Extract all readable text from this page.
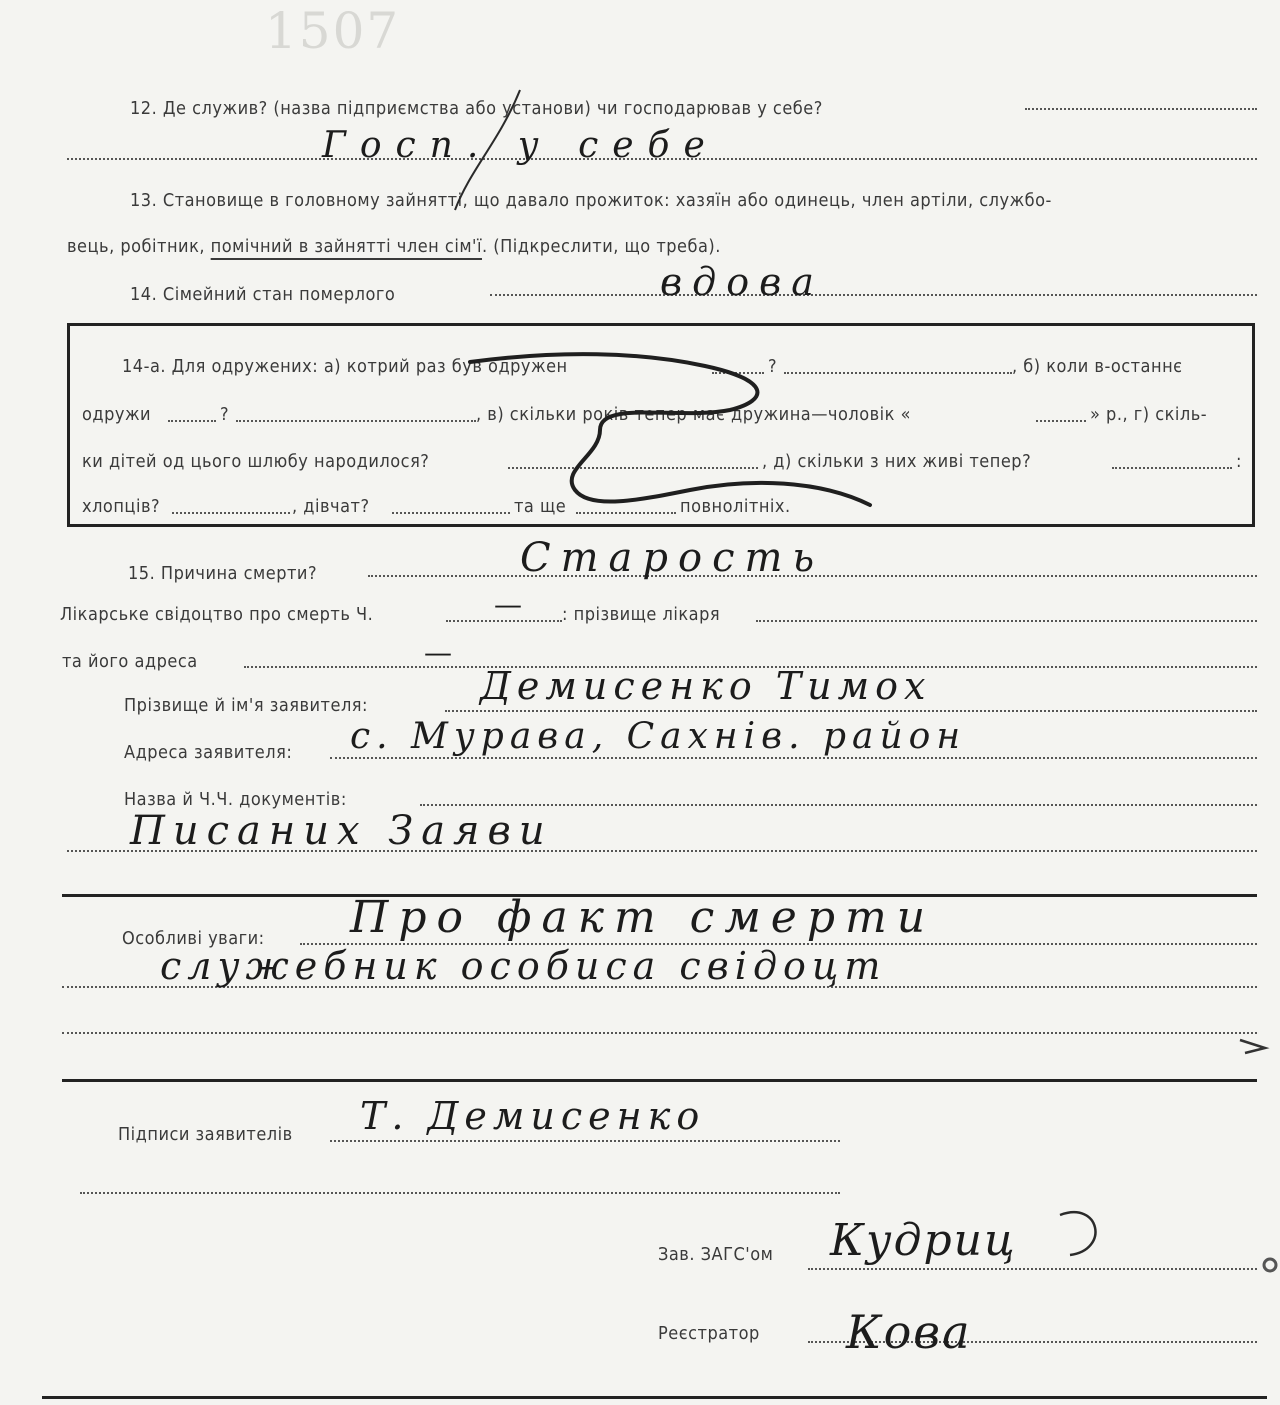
1507
12. Де служив? (назва підприємства або установи) чи господарював у себе?
Госп. у себе
13. Становище в головному зайнятті, що давало прожиток: хазяїн або одинець, член артіли, службо-
вець, робітник, помічний в зайнятті член сім'ї. (Підкреслити, що треба).
14. Сімейний стан померлого	вдова
14-а. Для одружених: а) котрий раз був одружен	?	, б) коли в-останнє
одружи	?	, в) скільки років тепер має дружина—чоловік «	» р., г) скіль-
ки дітей од цього шлюбу народилося?	, д) скільки з них живі тепер?	:
хлопців?	, дівчат?	та ще	повнолітніх.
15. Причина смерти?	Старость
Лікарське свідоцтво про смерть Ч.	— : прізвище лікаря
та його адреса	—
Прізвище й ім'я заявителя:	Демисенко Тимох
Адреса заявителя: с. Мурава, Сахнів. район
Назва й Ч.Ч. документів:
Писаних Заяви
Особливі уваги: Про факт смерти
служебник особиса свідоцт
Підписи заявителів Т. Демисенко
Зав. ЗАГС'ом Кудриц
Реєстратор Кова
